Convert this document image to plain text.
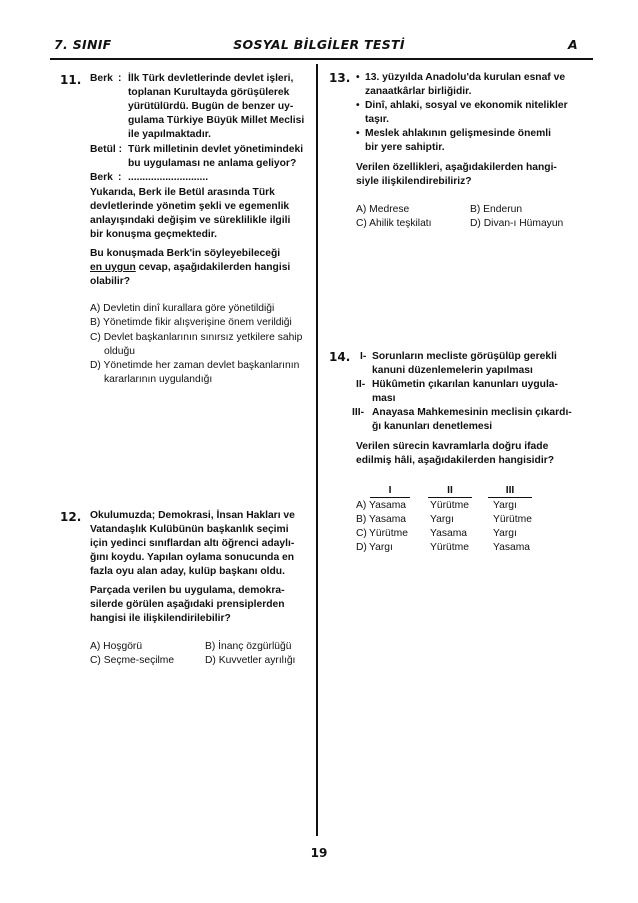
7. SINIF	SOSYAL BİLGİLER TESTİ	A
11. Berk : İlk Türk devletlerinde devlet işleri,
toplanan Kurultayda görüşülerek
yürütülürdü. Bugün de benzer uy-
gulama Türkiye Büyük Millet Meclisi
ile yapılmaktadır.
Betül : Türk milletinin devlet yönetimindeki
bu uygulaması ne anlama geliyor?
Berk : ............................
Yukarıda, Berk ile Betül arasında Türk
devletlerinde yönetim şekli ve egemenlik
anlayışındaki değişim ve süreklilikle ilgili
bir konuşma geçmektedir.
Bu konuşmada Berk'in söyleyebileceği
en uygun cevap, aşağıdakilerden hangisi
olabilir?
A) Devletin dinî kurallara göre yönetildiği
B) Yönetimde fikir alışverişine önem verildiği
C) Devlet başkanlarının sınırsız yetkilere sahip
olduğu
D) Yönetimde her zaman devlet başkanlarının
kararlarının uygulandığı
12. Okulumuzda; Demokrasi, İnsan Hakları ve
Vatandaşlık Kulübünün başkanlık seçimi
için yedinci sınıflardan altı öğrenci adaylı-
ğını koydu. Yapılan oylama sonucunda en
fazla oyu alan aday, kulüp başkanı oldu.
Parçada verilen bu uygulama, demokra-
silerde görülen aşağıdaki prensiplerden
hangisi ile ilişkilendirilebilir?
A) Hoşgörü	B) İnanç özgürlüğü
C) Seçme-seçilme	D) Kuvvetler ayrılığı
13. • 13. yüzyılda Anadolu'da kurulan esnaf ve
zanaatkârlar birliğidir.
• Dinî, ahlaki, sosyal ve ekonomik nitelikler
taşır.
• Meslek ahlakının gelişmesinde önemli
bir yere sahiptir.
Verilen özellikleri, aşağıdakilerden hangi-
siyle ilişkilendirebiliriz?
A) Medrese	B) Enderun
C) Ahilik teşkilatı	D) Divan-ı Hümayun
14. I- Sorunların mecliste görüşülüp gerekli
kanuni düzenlemelerin yapılması
II- Hükûmetin çıkarılan kanunları uygula-
ması
III- Anayasa Mahkemesinin meclisin çıkardı-
ğı kanunları denetlemesi
Verilen sürecin kavramlarla doğru ifade
edilmiş hâli, aşağıdakilerden hangisidir?
I	II	III
A) Yasama Yürütme Yargı
B) Yasama Yargı	Yürütme
C) Yürütme Yasama	Yargı
D) Yargı	Yürütme Yasama
19
